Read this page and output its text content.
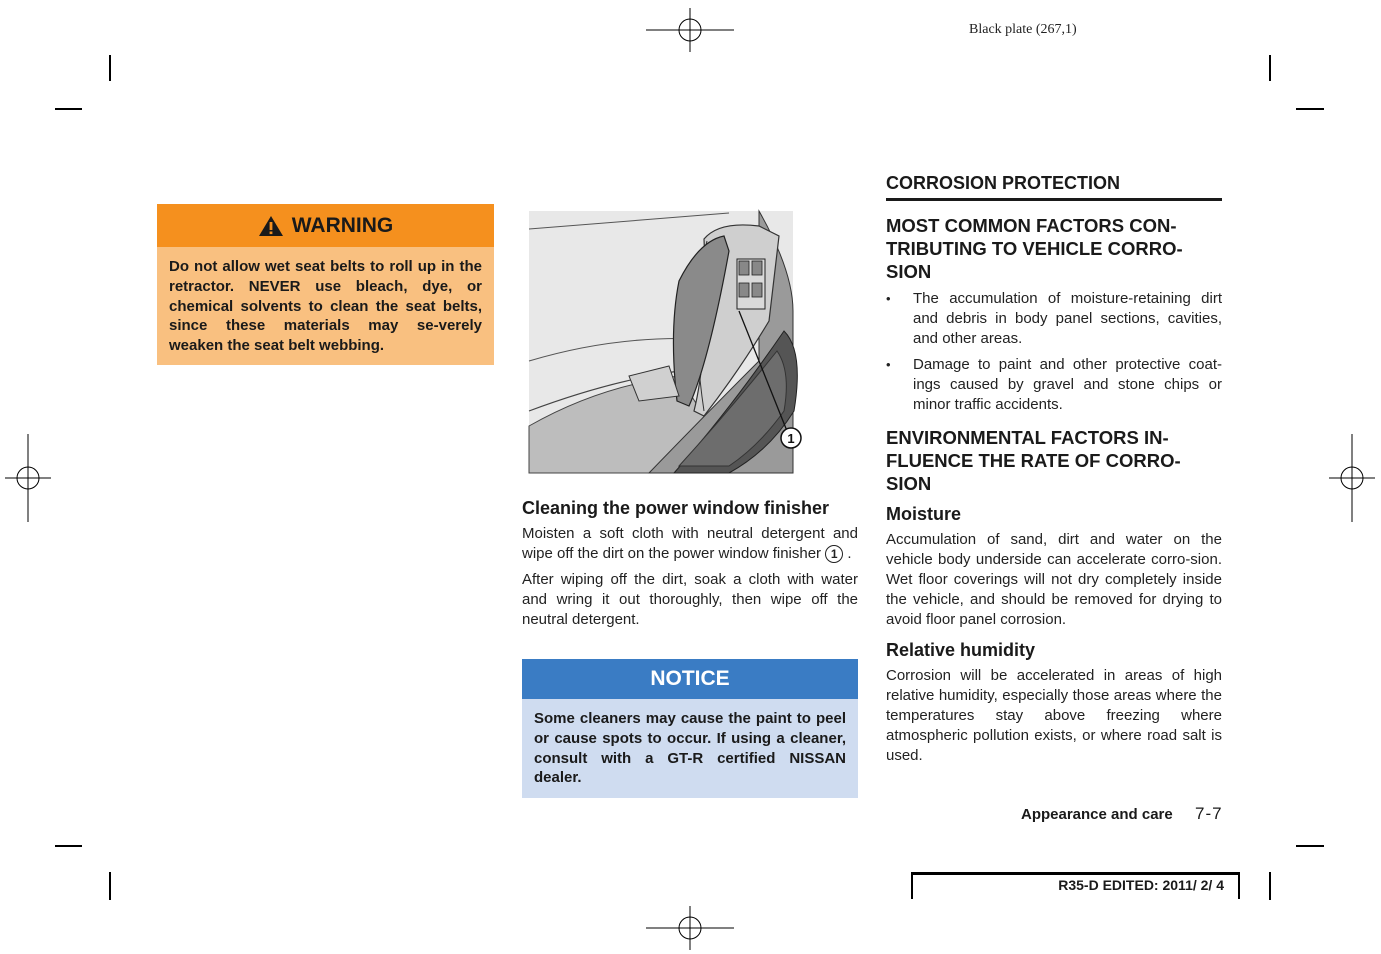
Black plate (267,1)
WARNING
Do not allow wet seat belts to roll up in the retractor. NEVER use bleach, dye, or chemical solvents to clean the seat belts, since these materials may se-verely weaken the seat belt webbing.
1
Cleaning the power window finisher
Moisten a soft cloth with neutral detergent and wipe off the dirt on the power window finisher 1 .
After wiping off the dirt, soak a cloth with water and wring it out thoroughly, then wipe off the neutral detergent.
NOTICE
Some cleaners may cause the paint to peel or cause spots to occur. If using a cleaner, consult with a GT-R certified NISSAN dealer.
CORROSION PROTECTION
MOST COMMON FACTORS CON-TRIBUTING TO VEHICLE CORRO-SION
• The accumulation of moisture-retaining dirt and debris in body panel sections, cavities, and other areas.
• Damage to paint and other protective coat-ings caused by gravel and stone chips or minor traffic accidents.
ENVIRONMENTAL FACTORS IN-FLUENCE THE RATE OF CORRO-SION
Moisture
Accumulation of sand, dirt and water on the vehicle body underside can accelerate corro-sion. Wet floor coverings will not dry completely inside the vehicle, and should be removed for drying to avoid floor panel corrosion.
Relative humidity
Corrosion will be accelerated in areas of high relative humidity, especially those areas where the temperatures stay above freezing where atmospheric pollution exists, or where road salt is used.
Appearance and care 7-7
R35-D EDITED: 2011/ 2/ 4
